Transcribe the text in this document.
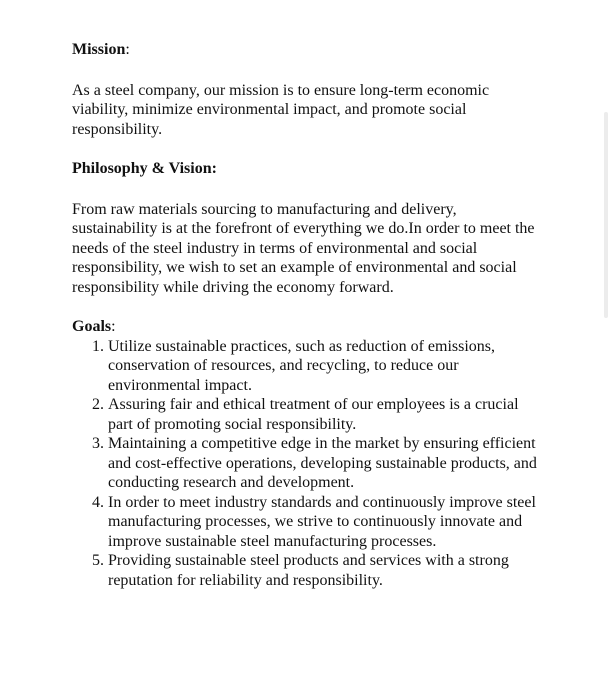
Mission:

As a steel company, our mission is to ensure long-term economic viability, minimize environmental impact, and promote social responsibility.

Philosophy & Vision:

From raw materials sourcing to manufacturing and delivery, sustainability is at the forefront of everything we do.In order to meet the needs of the steel industry in terms of environmental and social responsibility, we wish to set an example of environmental and social responsibility while driving the economy forward.

Goals:

1. Utilize sustainable practices, such as reduction of emissions, conservation of resources, and recycling, to reduce our environmental impact.
2. Assuring fair and ethical treatment of our employees is a crucial part of promoting social responsibility.
3. Maintaining a competitive edge in the market by ensuring efficient and cost-effective operations, developing sustainable products, and conducting research and development.
4. In order to meet industry standards and continuously improve steel manufacturing processes, we strive to continuously innovate and improve sustainable steel manufacturing processes.
5. Providing sustainable steel products and services with a strong reputation for reliability and responsibility.
